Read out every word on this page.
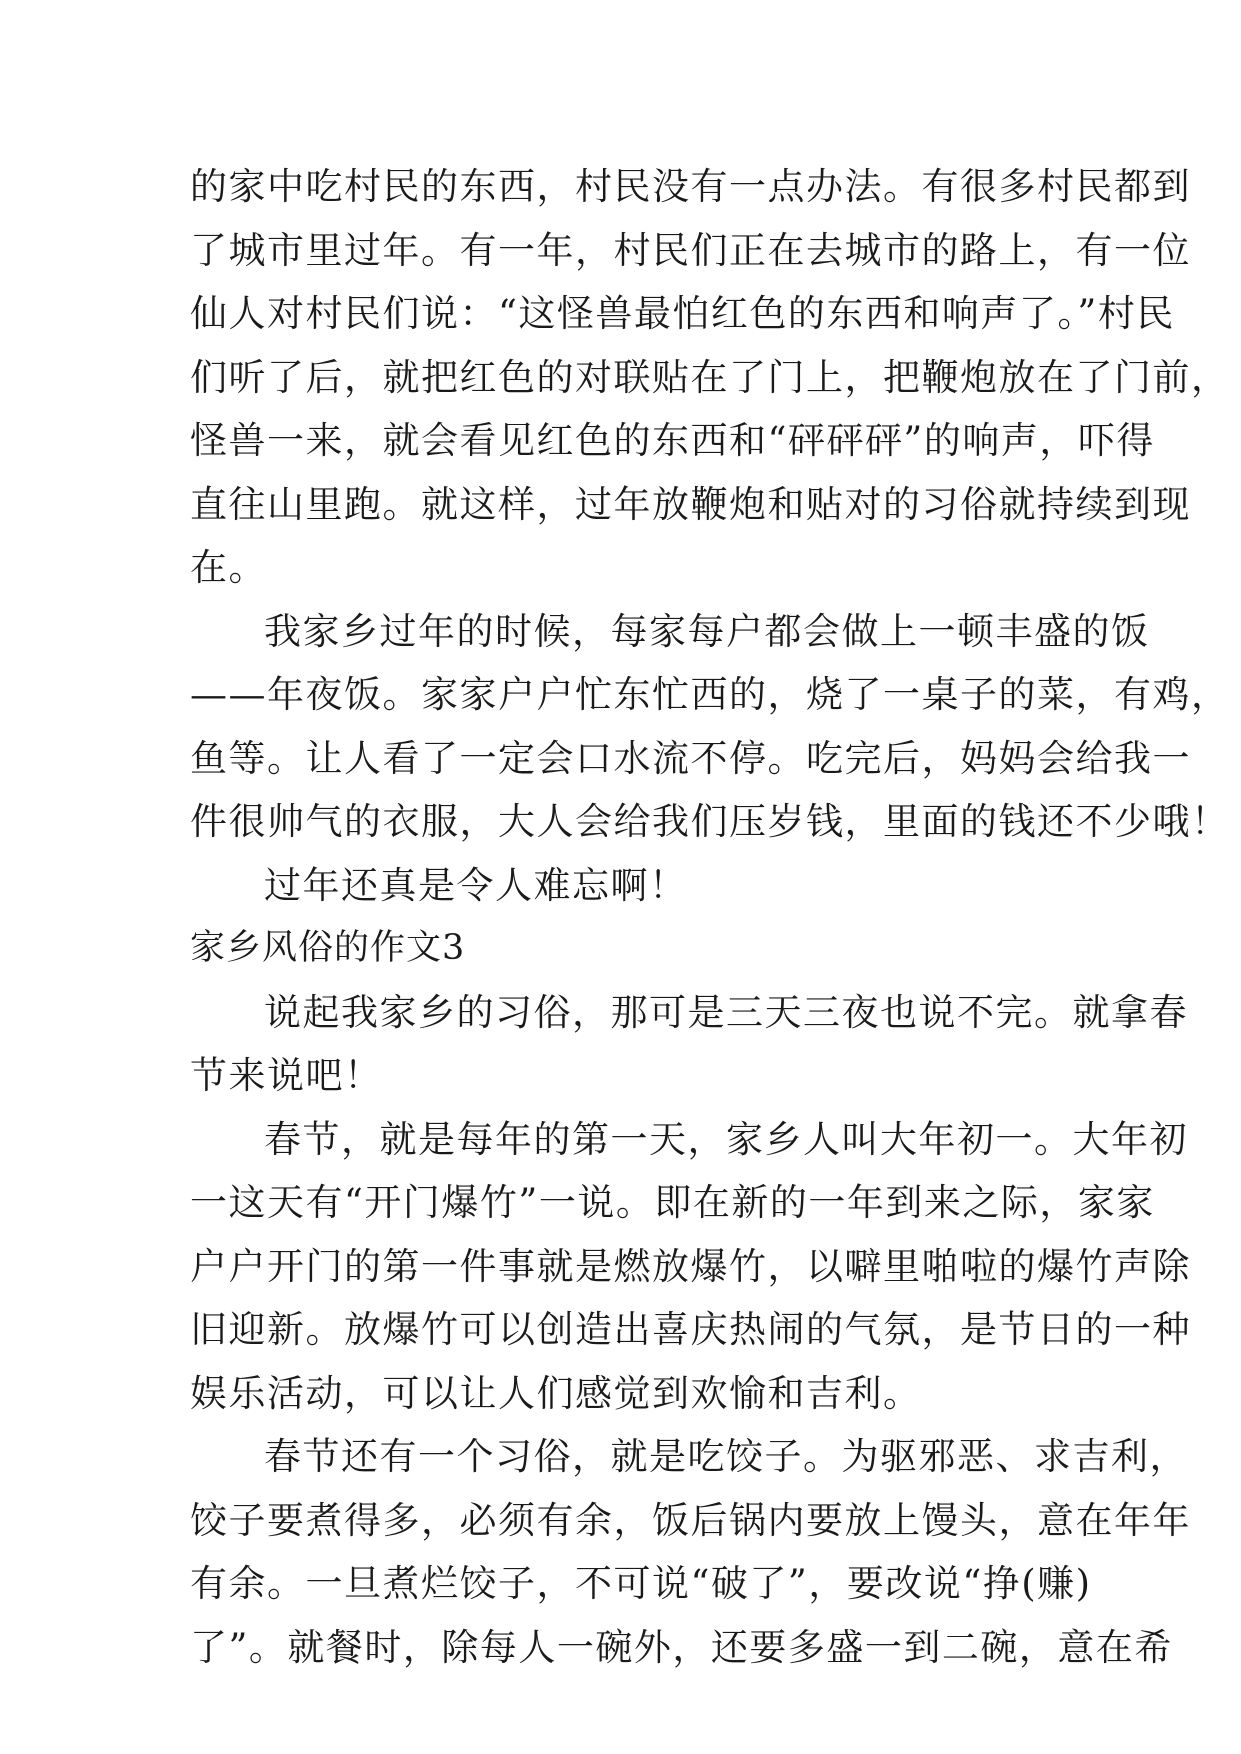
的家中吃村民的东西，村民没有一点办法。有很多村民都到
了城市里过年。有一年，村民们正在去城市的路上，有一位
仙人对村民们说：“这怪兽最怕红色的东西和响声了。”村民
们听了后，就把红色的对联贴在了门上，把鞭炮放在了门前，
怪兽一来，就会看见红色的东西和“砰砰砰”的响声，吓得
直往山里跑。就这样，过年放鞭炮和贴对的习俗就持续到现
在。
我家乡过年的时候，每家每户都会做上一顿丰盛的饭
——年夜饭。家家户户忙东忙西的，烧了一桌子的菜，有鸡，
鱼等。让人看了一定会口水流不停。吃完后，妈妈会给我一
件很帅气的衣服，大人会给我们压岁钱，里面的钱还不少哦！
过年还真是令人难忘啊！
家乡风俗的作文3
说起我家乡的习俗，那可是三天三夜也说不完。就拿春
节来说吧！
春节，就是每年的第一天，家乡人叫大年初一。大年初
一这天有“开门爆竹”一说。即在新的一年到来之际，家家
户户开门的第一件事就是燃放爆竹，以噼里啪啦的爆竹声除
旧迎新。放爆竹可以创造出喜庆热闹的气氛，是节日的一种
娱乐活动，可以让人们感觉到欢愉和吉利。
春节还有一个习俗，就是吃饺子。为驱邪恶、求吉利，
饺子要煮得多，必须有余，饭后锅内要放上馒头，意在年年
有余。一旦煮烂饺子，不可说“破了”，要改说“挣(赚)
了”。就餐时，除每人一碗外，还要多盛一到二碗，意在希
